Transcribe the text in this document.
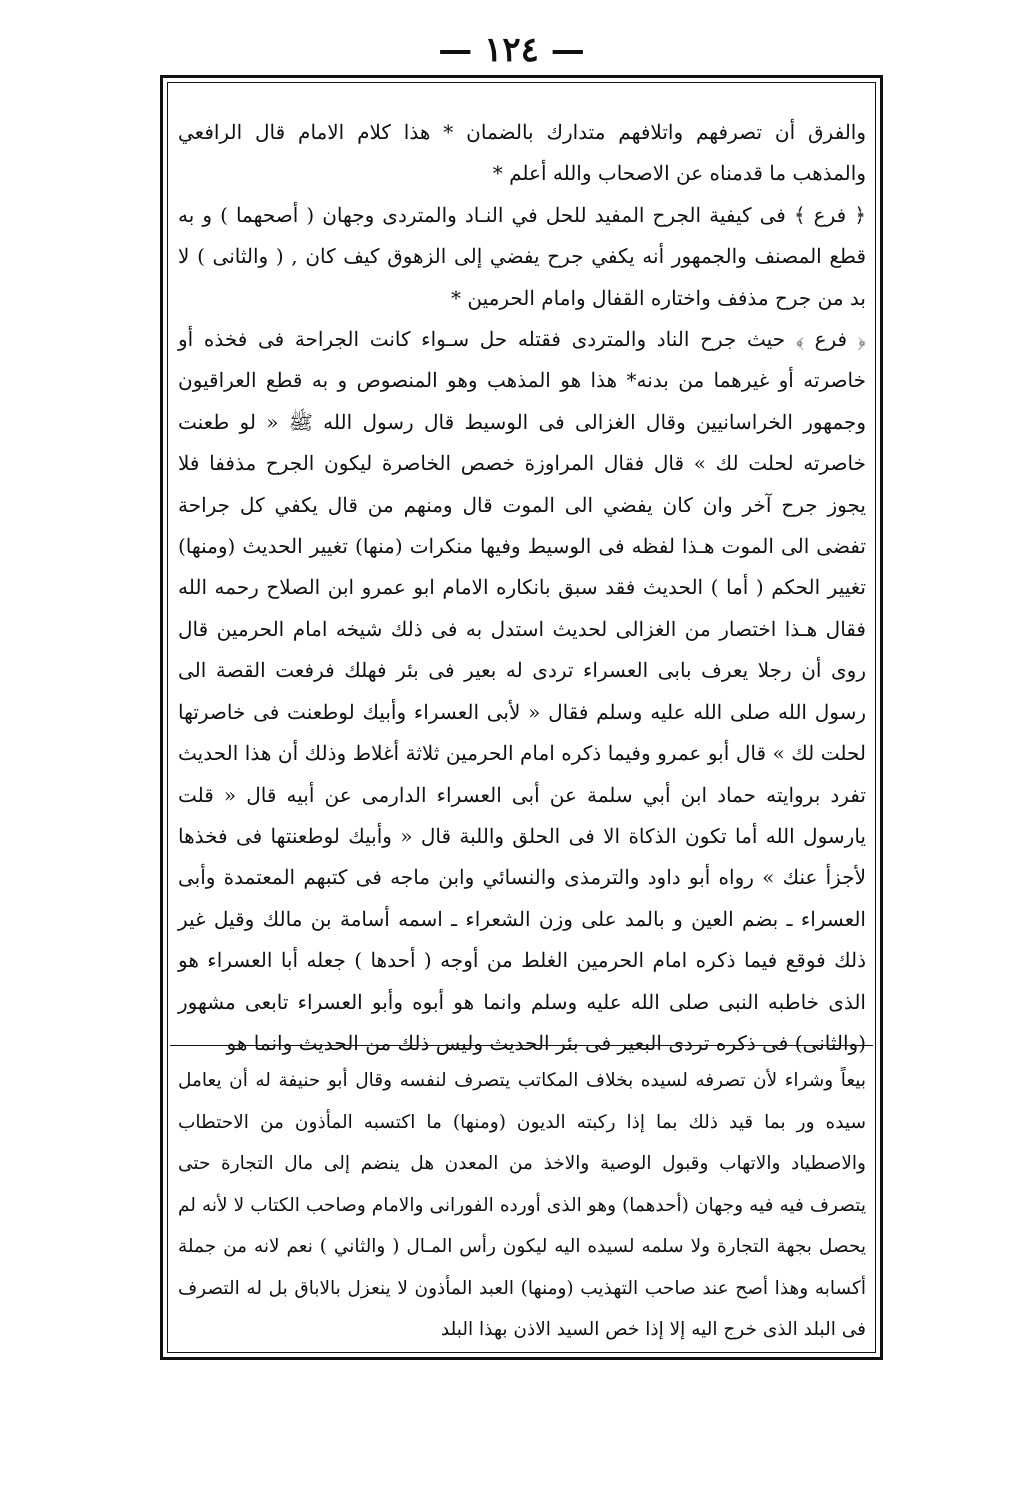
— ١٢٤ —

والفرق أن تصرفهم واتلافهم متدارك بالضمان * هذا كلام الامام قال الرافعي والمذهب ما قدمناه عن الاصحاب والله أعلم *

﴿ فرع ﴾ فى كيفية الجرح المفيد للحل في النـاد والمتردى وجهان ( أصحهما ) و به قطع المصنف والجمهور أنه يكفي جرح يفضي إلى الزهوق كيف كان , ( والثانى ) لا بد من جرح مذفف واختاره القفال وامام الحرمين *

﴿ فرع ﴾ حيث جرح الناد والمتردى فقتله حل سـواء كانت الجراحة فى فخذه أو خاصرته أو غيرهما من بدنه* هذا هو المذهب وهو المنصوص و به قطع العراقيون وجمهور الخراسانيين وقال الغزالى فى الوسيط قال رسول الله ﷺ « لو طعنت خاصرته لحلت لك » قال فقال المراوزة خصص الخاصرة ليكون الجرح مذففا فلا يجوز جرح آخر وان كان يفضي الى الموت قال ومنهم من قال يكفي كل جراحة تفضى الى الموت هـذا لفظه فى الوسيط وفيها منكرات (منها) تغيير الحديث (ومنها) تغيير الحكم ( أما ) الحديث فقد سبق بانكاره الامام ابو عمرو ابن الصلاح رحمه الله فقال هـذا اختصار من الغزالى لحديث استدل به فى ذلك شيخه امام الحرمين قال روى أن رجلا يعرف بابى العسراء تردى له بعير فى بئر فهلك فرفعت القصة الى رسول الله صلى الله عليه وسلم فقال « لأبى العسراء وأبيك لوطعنت فى خاصرتها لحلت لك » قال أبو عمرو وفيما ذكره امام الحرمين ثلاثة أغلاط وذلك أن هذا الحديث تفرد بروايته حماد ابن أبي سلمة عن أبى العسراء الدارمى عن أبيه قال « قلت يارسول الله أما تكون الذكاة الا فى الحلق واللبة قال « وأبيك لوطعنتها فى فخذها لأجزأ عنك » رواه أبو داود والترمذى والنسائي وابن ماجه فى كتبهم المعتمدة وأبى العسراء ـ بضم العين و بالمد على وزن الشعراء ـ اسمه أسامة بن مالك وقيل غير ذلك فوقع فيما ذكره امام الحرمين الغلط من أوجه ( أحدها ) جعله أبا العسراء هو الذى خاطبه النبى صلى الله عليه وسلم وانما هو أبوه وأبو العسراء تابعى مشهور (والثانى) فى ذكره تردى البعير فى بئر الحديث وليس ذلك من الحديث وانما هو

بيعاً وشراء لأن تصرفه لسيده بخلاف المكاتب يتصرف لنفسه وقال أبو حنيفة له أن يعامل سيده ور بما قيد ذلك بما إذا ركبته الديون (ومنها) ما اكتسبه المأذون من الاحتطاب والاصطياد والاتهاب وقبول الوصية والاخذ من المعدن هل ينضم إلى مال التجارة حتى يتصرف فيه فيه وجهان (أحدهما) وهو الذى أورده الفورانى والامام وصاحب الكتاب لا لأنه لم يحصل بجهة التجارة ولا سلمه لسيده اليه ليكون رأس المـال ( والثاني ) نعم لانه من جملة أكسابه وهذا أصح عند صاحب التهذيب (ومنها) العبد المأذون لا ينعزل بالاباق بل له التصرف فى البلد الذى خرج اليه إلا إذا خص السيد الاذن بهذا البلد
